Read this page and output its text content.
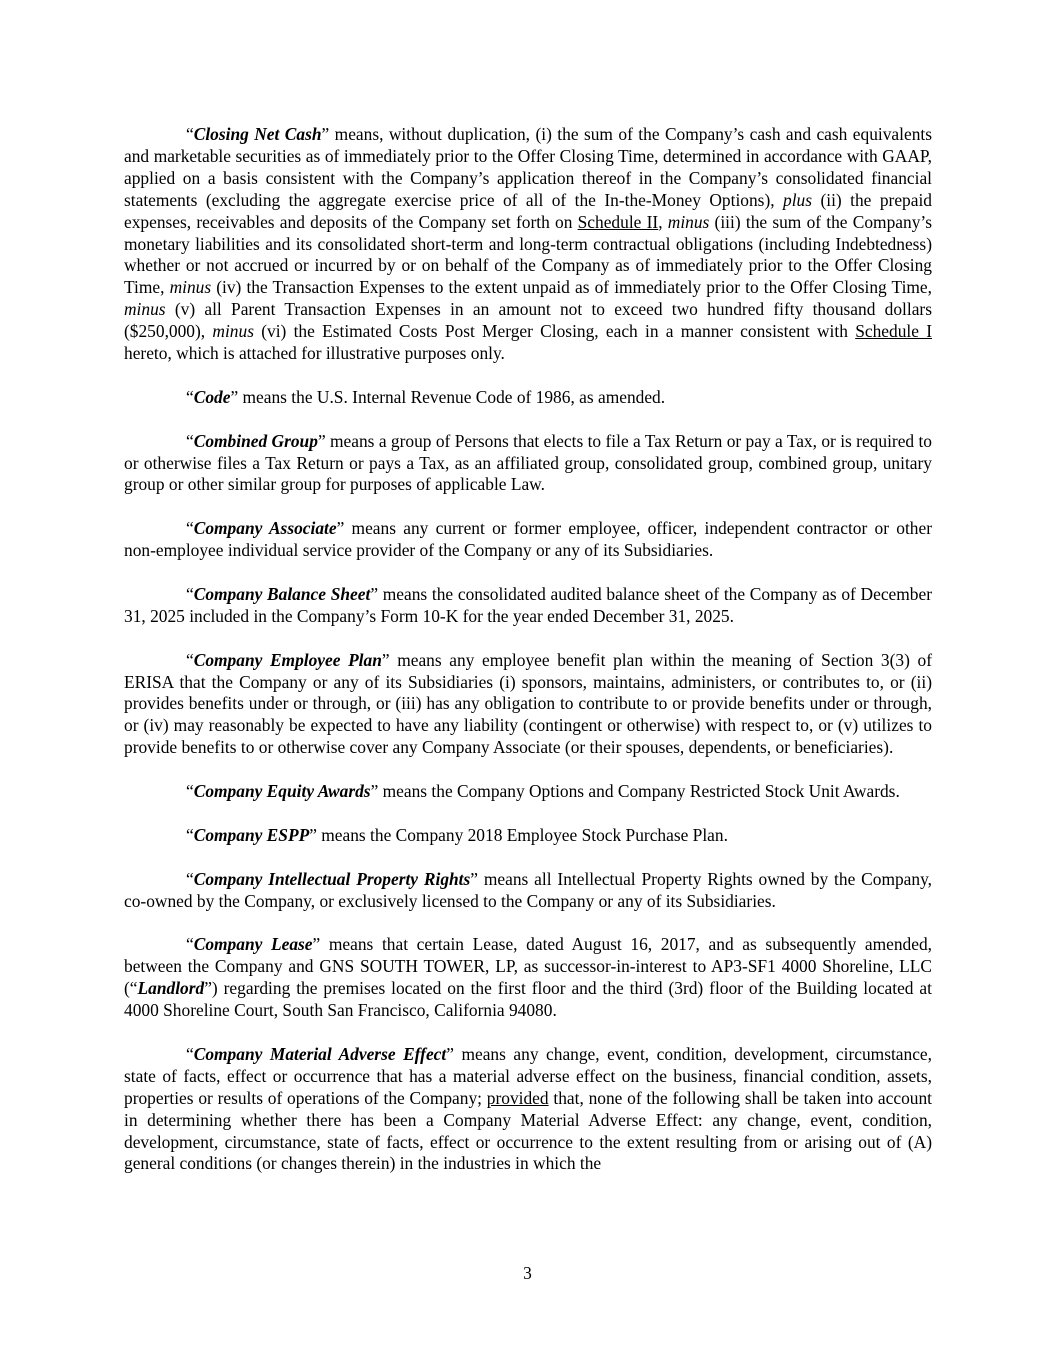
“Closing Net Cash” means, without duplication, (i) the sum of the Company’s cash and cash equivalents and marketable securities as of immediately prior to the Offer Closing Time, determined in accordance with GAAP, applied on a basis consistent with the Company’s application thereof in the Company’s consolidated financial statements (excluding the aggregate exercise price of all of the In-the-Money Options), plus (ii) the prepaid expenses, receivables and deposits of the Company set forth on Schedule II, minus (iii) the sum of the Company’s monetary liabilities and its consolidated short-term and long-term contractual obligations (including Indebtedness) whether or not accrued or incurred by or on behalf of the Company as of immediately prior to the Offer Closing Time, minus (iv) the Transaction Expenses to the extent unpaid as of immediately prior to the Offer Closing Time, minus (v) all Parent Transaction Expenses in an amount not to exceed two hundred fifty thousand dollars ($250,000), minus (vi) the Estimated Costs Post Merger Closing, each in a manner consistent with Schedule I hereto, which is attached for illustrative purposes only.

“Code” means the U.S. Internal Revenue Code of 1986, as amended.

“Combined Group” means a group of Persons that elects to file a Tax Return or pay a Tax, or is required to or otherwise files a Tax Return or pays a Tax, as an affiliated group, consolidated group, combined group, unitary group or other similar group for purposes of applicable Law.

“Company Associate” means any current or former employee, officer, independent contractor or other non-employee individual service provider of the Company or any of its Subsidiaries.

“Company Balance Sheet” means the consolidated audited balance sheet of the Company as of December 31, 2025 included in the Company’s Form 10-K for the year ended December 31, 2025.

“Company Employee Plan” means any employee benefit plan within the meaning of Section 3(3) of ERISA that the Company or any of its Subsidiaries (i) sponsors, maintains, administers, or contributes to, or (ii) provides benefits under or through, or (iii) has any obligation to contribute to or provide benefits under or through, or (iv) may reasonably be expected to have any liability (contingent or otherwise) with respect to, or (v) utilizes to provide benefits to or otherwise cover any Company Associate (or their spouses, dependents, or beneficiaries).

“Company Equity Awards” means the Company Options and Company Restricted Stock Unit Awards.

“Company ESPP” means the Company 2018 Employee Stock Purchase Plan.

“Company Intellectual Property Rights” means all Intellectual Property Rights owned by the Company, co-owned by the Company, or exclusively licensed to the Company or any of its Subsidiaries.

“Company Lease” means that certain Lease, dated August 16, 2017, and as subsequently amended, between the Company and GNS SOUTH TOWER, LP, as successor-in-interest to AP3-SF1 4000 Shoreline, LLC (“Landlord”) regarding the premises located on the first floor and the third (3rd) floor of the Building located at 4000 Shoreline Court, South San Francisco, California 94080.

“Company Material Adverse Effect” means any change, event, condition, development, circumstance, state of facts, effect or occurrence that has a material adverse effect on the business, financial condition, assets, properties or results of operations of the Company; provided that, none of the following shall be taken into account in determining whether there has been a Company Material Adverse Effect: any change, event, condition, development, circumstance, state of facts, effect or occurrence to the extent resulting from or arising out of (A) general conditions (or changes therein) in the industries in which the

3
